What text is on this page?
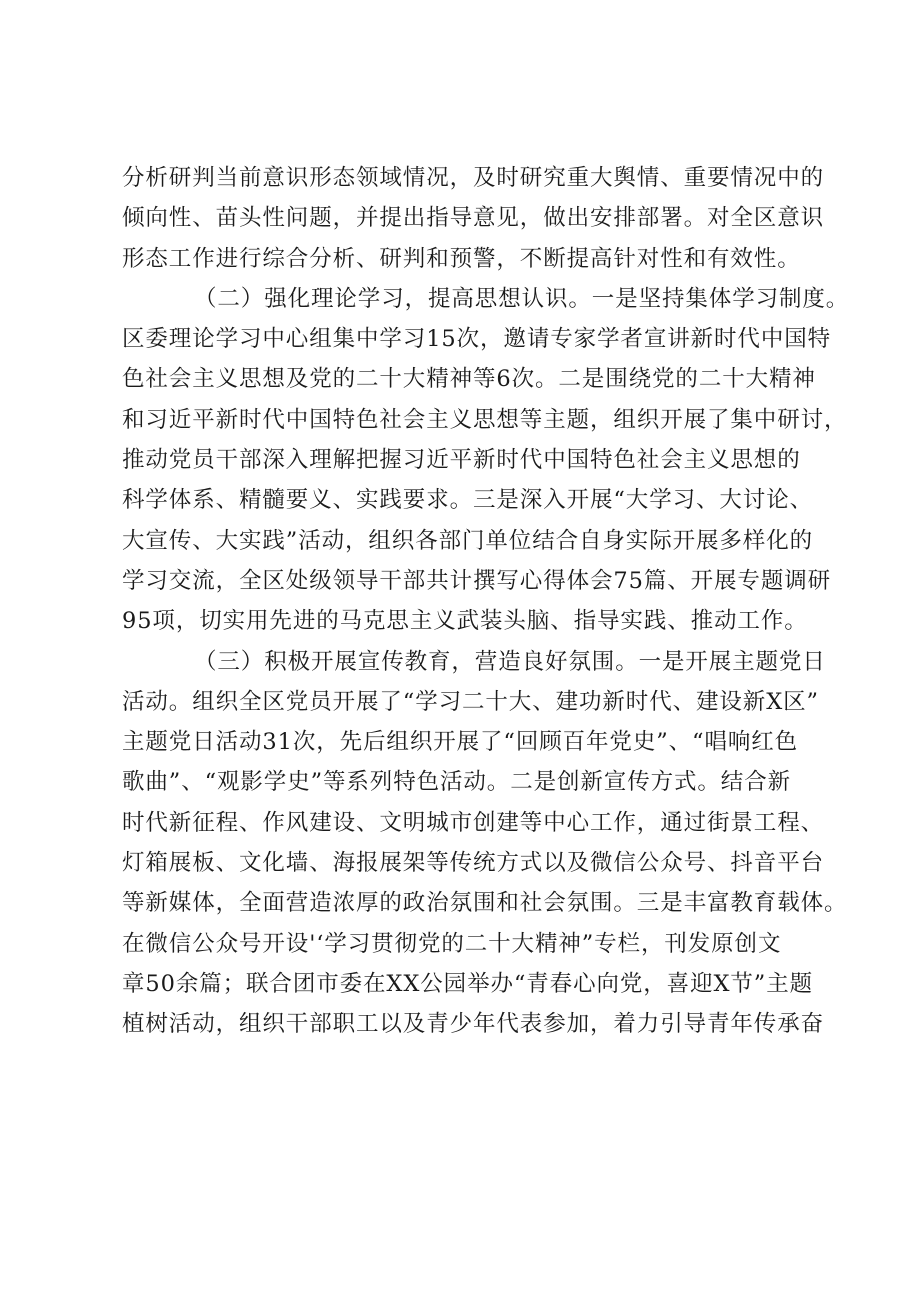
分析研判当前意识形态领域情况，及时研究重大舆情、重要情况中的
倾向性、苗头性问题，并提出指导意见，做出安排部署。对全区意识
形态工作进行综合分析、研判和预警，不断提高针对性和有效性。
（二）强化理论学习，提高思想认识。一是坚持集体学习制度。
区委理论学习中心组集中学习15次，邀请专家学者宣讲新时代中国特
色社会主义思想及党的二十大精神等6次。二是围绕党的二十大精神
和习近平新时代中国特色社会主义思想等主题，组织开展了集中研讨，
推动党员干部深入理解把握习近平新时代中国特色社会主义思想的
科学体系、精髓要义、实践要求。三是深入开展“大学习、大讨论、
大宣传、大实践”活动，组织各部门单位结合自身实际开展多样化的
学习交流，全区处级领导干部共计撰写心得体会75篇、开展专题调研
95项，切实用先进的马克思主义武装头脑、指导实践、推动工作。
（三）积极开展宣传教育，营造良好氛围。一是开展主题党日
活动。组织全区党员开展了“学习二十大、建功新时代、建设新X区”
主题党日活动31次，先后组织开展了“回顾百年党史”、“唱响红色
歌曲”、“观影学史”等系列特色活动。二是创新宣传方式。结合新
时代新征程、作风建设、文明城市创建等中心工作，通过街景工程、
灯箱展板、文化墙、海报展架等传统方式以及微信公众号、抖音平台
等新媒体，全面营造浓厚的政治氛围和社会氛围。三是丰富教育载体。
在微信公众号开设'‘学习贯彻党的二十大精神”专栏，刊发原创文
章50余篇；联合团市委在XX公园举办“青春心向党，喜迎X节”主题
植树活动，组织干部职工以及青少年代表参加，着力引导青年传承奋
